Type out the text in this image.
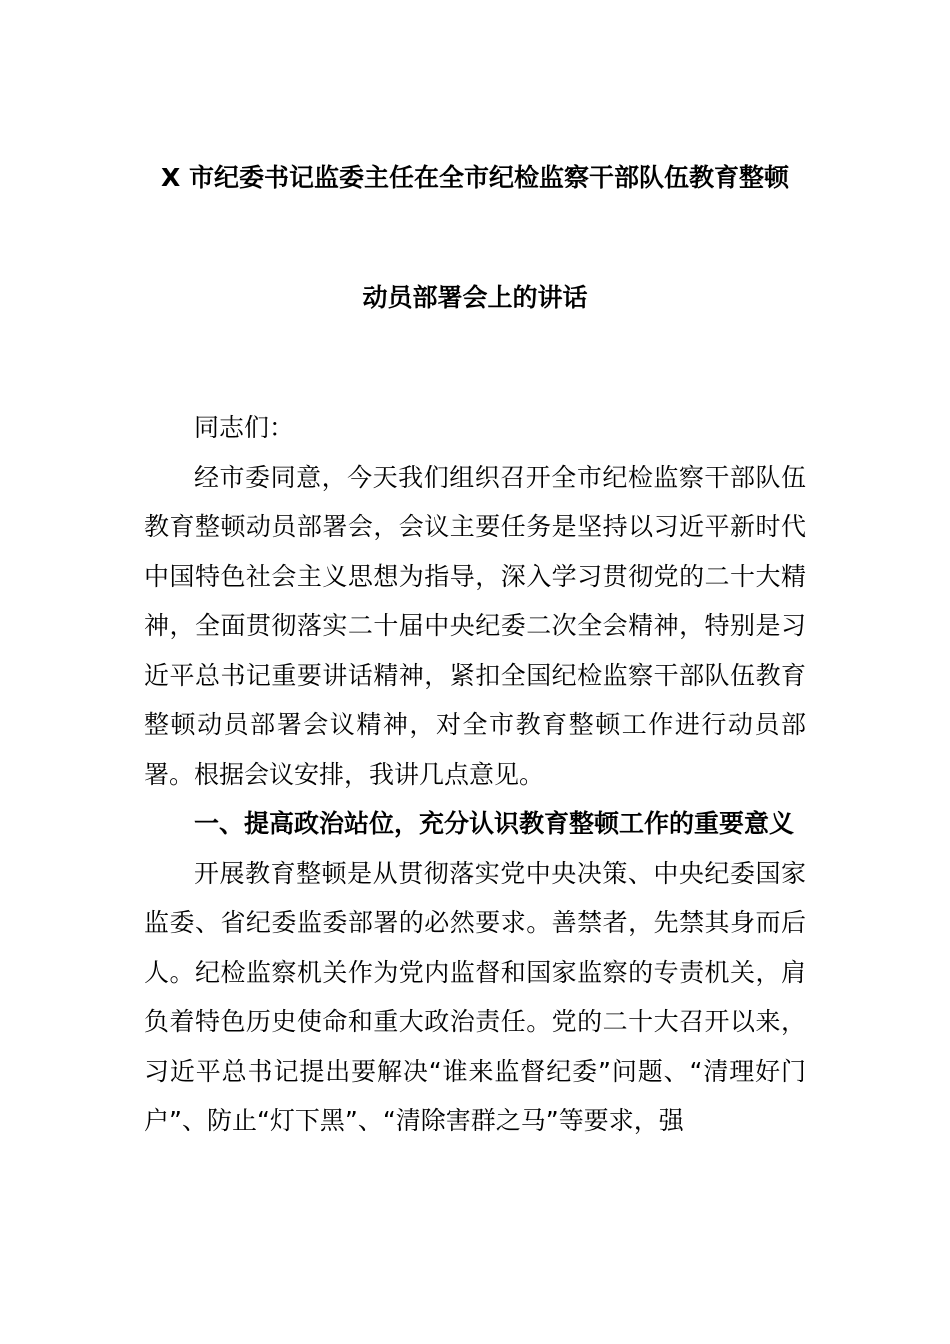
X 市纪委书记监委主任在全市纪检监察干部队伍教育整顿
动员部署会上的讲话

同志们：

经市委同意，今天我们组织召开全市纪检监察干部队伍教育整顿动员部署会，会议主要任务是坚持以习近平新时代中国特色社会主义思想为指导，深入学习贯彻党的二十大精神，全面贯彻落实二十届中央纪委二次全会精神，特别是习近平总书记重要讲话精神，紧扣全国纪检监察干部队伍教育整顿动员部署会议精神，对全市教育整顿工作进行动员部署。根据会议安排，我讲几点意见。

一、提高政治站位，充分认识教育整顿工作的重要意义

开展教育整顿是从贯彻落实党中央决策、中央纪委国家监委、省纪委监委部署的必然要求。善禁者，先禁其身而后人。纪检监察机关作为党内监督和国家监察的专责机关，肩负着特色历史使命和重大政治责任。党的二十大召开以来，习近平总书记提出要解决“谁来监督纪委”问题、“清理好门户”、防止“灯下黑”、“清除害群之马”等要求，强
